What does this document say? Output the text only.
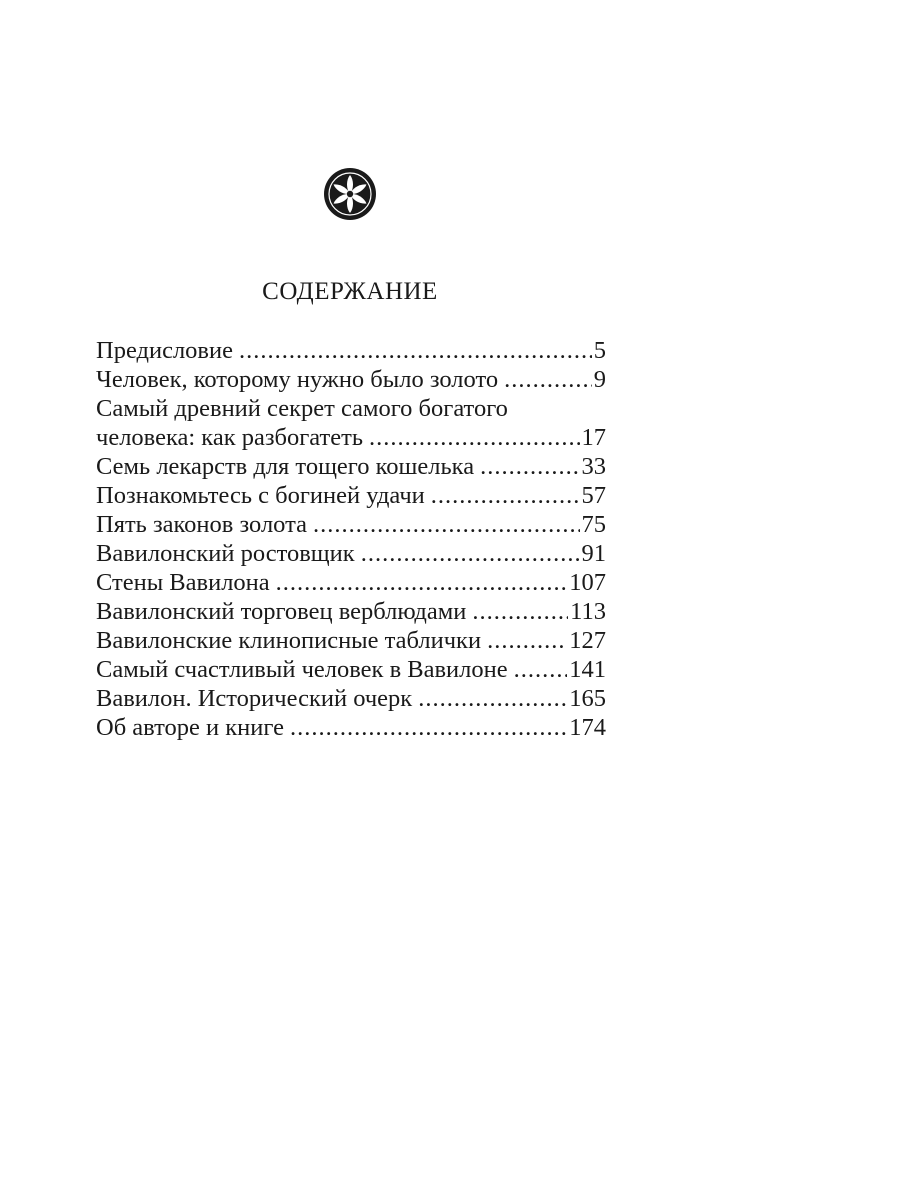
СОДЕРЖАНИЕ
Предисловие .....	5
Человек, которому нужно было золото .....	9
Самый древний секрет самого богатого
человека: как разбогатеть .....	17
Семь лекарств для тощего кошелька .....	33
Познакомьтесь с богиней удачи .....	57
Пять законов золота .....	75
Вавилонский ростовщик .....	91
Стены Вавилона .....	107
Вавилонский торговец верблюдами .....	113
Вавилонские клинописные таблички .....	127
Самый счастливый человек в Вавилоне .....	141
Вавилон. Исторический очерк .....	165
Об авторе и книге .....	174
